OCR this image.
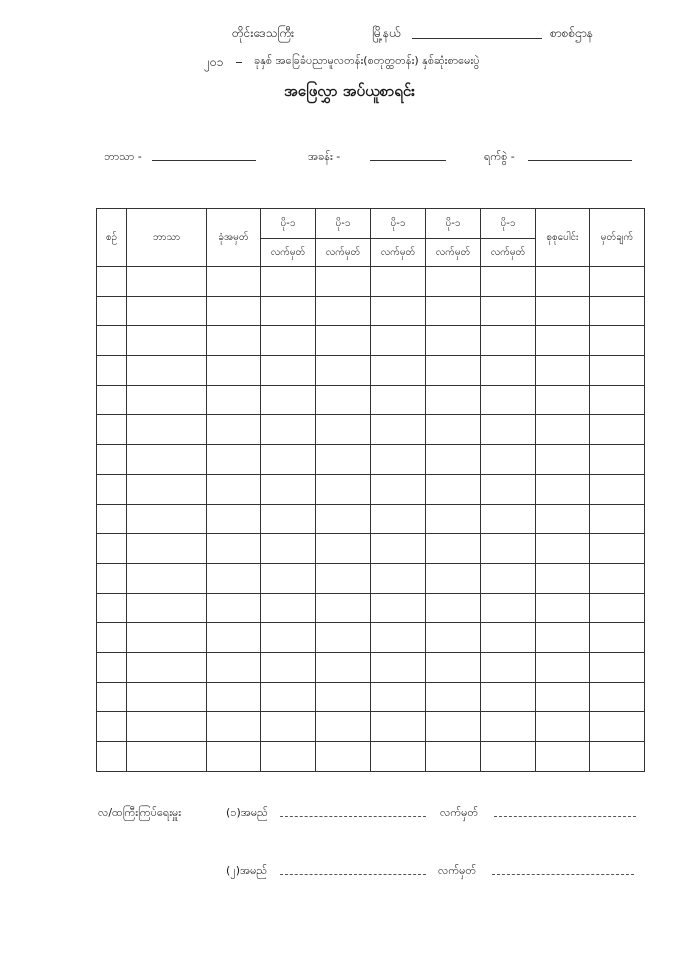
တိုင်းဒေသကြီး	မြို့နယ်	စာစစ်ဌာန
၂၀၁	ခုနှစ် အခြေခံပညာမူလတန်း(စတုတ္ထတန်း) နှစ်ဆုံးစာမေးပွဲ
အဖြေလွှာ အပ်ယူစာရင်း
ဘာသာ -	အခန်း -	ရက်စွဲ -
စဥ်	ဘာသာ	ခုံအမှတ်	ပို-၁	ပို-၁	ပို-၁	ပို-၁	ပို-၁	စုစုပေါင်း	မှတ်ချက်
			လက်မှတ်	လက်မှတ်	လက်မှတ်	လက်မှတ်	လက်မှတ်		

လ/ထကြီးကြပ်ရေးမှူး	(၁)အမည်	လက်မှတ်
(၂)အမည်	လက်မှတ်
